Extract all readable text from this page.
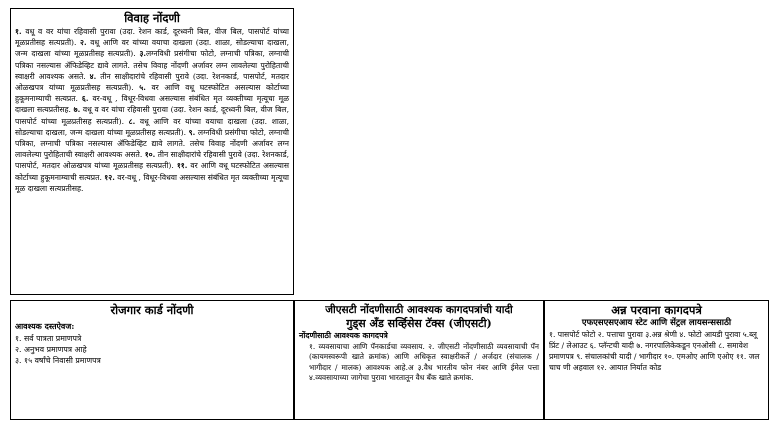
विवाह नोंदणी

१. वधू व वर यांचा रहिवासी पुरावा (उदा. रेशन कार्ड, दूरध्वनी बिल, वीज बिल, पासपोर्ट यांच्या मूळप्रतीसह सत्यप्रती). २. वधू आणि वर यांच्या वयाचा दाखला (उदा. शाळा, सोडल्याचा दाखला, जन्म दाखला यांच्या मूळप्रतीसह सत्यप्रती). ३.लग्नविधी प्रसंगीचा फोटो, लग्नाची पत्रिका, लग्नाची पत्रिका नसल्यास ॲफिडेव्हिट द्यावे लागते. तसेच विवाह नोंदणी अर्जावर लग्न लावलेल्या पुरोहिताची स्वाक्षरी आवश्यक असते. ४. तीन साक्षीदारांचे रहिवासी पुरावे (उदा. रेशनकार्ड, पासपोर्ट, मतदार ओळखपत्र यांच्या मूळप्रतीसह सत्यप्रती). ५. वर आणि वधू घटस्फोटित असल्यास कोर्टाच्या हुकूमनाम्याची सत्यप्रत. ६. वर-वधू , विधूर-विधवा असल्यास संबंधित मृत व्यक्तीच्या मृत्यूचा मूळ दाखला सत्यप्रतीसह. ७. वधू व वर यांचा रहिवासी पुरावा (उदा. रेशन कार्ड, दूरध्वनी बिल, वीज बिल, पासपोर्ट यांच्या मूळप्रतीसह सत्यप्रती). ८. वधू आणि वर यांच्या वयाचा दाखला (उदा. शाळा, सोडल्याचा दाखला, जन्म दाखला यांच्या मूळप्रतीसह सत्यप्रती). ९. लग्नविधी प्रसंगीचा फोटो, लग्नाची पत्रिका, लग्नाची पत्रिका नसल्यास ॲफिडेव्हिट द्यावे लागते. तसेच विवाह नोंदणी अर्जावर लग्न लावलेल्या पुरोहिताची स्वाक्षरी आवश्यक असते. १०. तीन साक्षीदारांचे रहिवासी पुरावे (उदा. रेशनकार्ड, पासपोर्ट, मतदार ओळखपत्र यांच्या मूळप्रतीसह सत्यप्रती). ११. वर आणि वधू घटस्फोटित असल्यास कोर्टाच्या हुकूमनाम्याची सत्यप्रत. १२. वर-वधू , विधूर-विधवा असल्यास संबंधित मृत व्यक्तीच्या मृत्यूचा मूळ दाखला सत्यप्रतीसह.

रोजगार कार्ड नोंदणी

आवश्यक दस्तऐवज:

१. सर्व पात्रता प्रमाणपत्रे
२. अनुभव प्रमाणपत्र आहे
३. १५ वर्षांचे निवासी प्रमाणपत्र

जीएसटी नोंदणीसाठी आवश्यक कागदपत्रांची यादी

गुड्स अँड सर्व्हिसेस टॅक्स (जीएसटी)

नोंदणीसाठी आवश्यक कागदपत्रे

१. व्यवसायाचा आणि पॅनकार्डचा व्यवसाय. २. जीएसटी नोंदणीसाठी व्यवसायाची पॅन (कायमस्वरूपी खाते क्रमांक) आणि अधिकृत स्वाक्षरीकर्ते / अर्जदार (संचालक / भागीदार / मालक) आवश्यक आहे.अ ३.वैध भारतीय फोन नंबर आणि ईमेल पत्ता ४.व्यवसायाच्या जागेचा पुरावा भारतातून वैध बँक खाते क्रमांक.

अन्न परवाना कागदपत्रे

एफएसएसएआय स्टेट आणि सेंट्रल लायसन्ससाठी

१. पासपोर्ट फोटो २. पत्ताचा पुरावा ३.अन्न श्रेणी ४. फोटो आयडी पुरावा ५.ब्लू प्रिंट / लेआउट ६. प्लॅन्टची यादी ७. नगरपालिकेकडून एनओसी ८. समावेश प्रमाणपत्र ९. संचालकांची यादी / भागीदार १०. एमओए आणि एओए ११. जल चाच णी अहवाल १२. आयात निर्यात कोड
